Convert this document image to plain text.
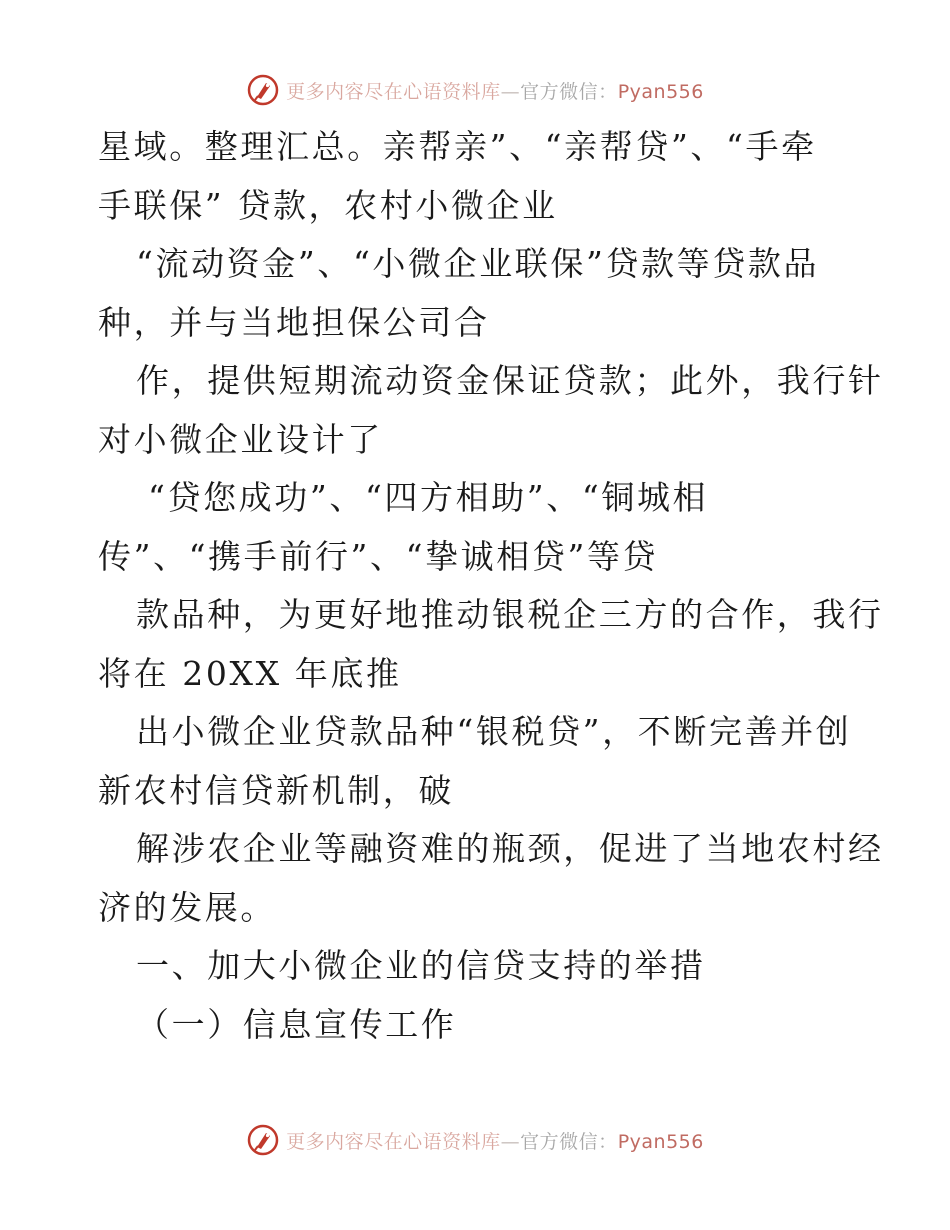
更多内容尽在心语资料库—官方微信：Pyan556
星域。整理汇总。亲帮亲”、“亲帮贷”、“手牵
手联保” 贷款，农村小微企业
“流动资金”、“小微企业联保”贷款等贷款品
种，并与当地担保公司合
作，提供短期流动资金保证贷款；此外，我行针
对小微企业设计了
“贷您成功”、“四方相助”、“铜城相
传”、“携手前行”、“挚诚相贷”等贷
款品种，为更好地推动银税企三方的合作，我行
将在 20XX 年底推
出小微企业贷款品种“银税贷”，不断完善并创
新农村信贷新机制，破
解涉农企业等融资难的瓶颈，促进了当地农村经
济的发展。
一、加大小微企业的信贷支持的举措
（一）信息宣传工作
更多内容尽在心语资料库—官方微信：Pyan556
